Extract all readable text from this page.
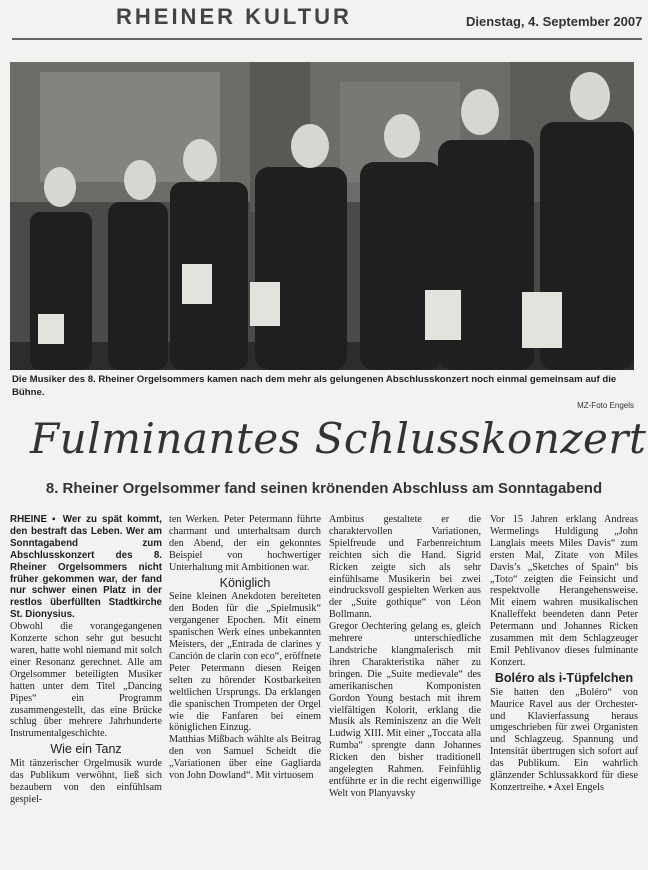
RHEINER KULTUR	Dienstag, 4. September 2007
Die Musiker des 8. Rheiner Orgelsommers kamen nach dem mehr als gelungenen Abschlusskonzert noch einmal gemeinsam auf die Bühne.
MZ-Foto Engels
Fulminantes Schlusskonzert
8. Rheiner Orgelsommer fand seinen krönenden Abschluss am Sonntagabend

RHEINE ▪ Wer zu spät kommt, den bestraft das Leben. Wer am Sonntagabend zum Abschlusskonzert des 8. Rheiner Orgelsommers nicht früher gekommen war, der fand nur schwer einen Platz in der restlos überfüllten Stadtkirche St. Dionysius.

Obwohl die vorangegangenen Konzerte schon sehr gut besucht waren, hatte wohl niemand mit solch einer Resonanz gerechnet. Alle am Orgelsommer beteiligten Musiker hatten unter dem Titel „Dancing Pipes“ ein Programm zusammengestellt, das eine Brücke schlug über mehrere Jahrhunderte Instrumentalgeschichte.

Wie ein Tanz

Mit tänzerischer Orgelmusik wurde das Publikum verwöhnt, ließ sich bezaubern von den einfühlsam gespiel-

ten Werken. Peter Petermann führte charmant und unterhaltsam durch den Abend, der ein gekonntes Beispiel von hochwertiger Unterhaltung mit Ambitionen war.

Königlich

Seine kleinen Anekdoten bereiteten den Boden für die „Spielmusik“ vergangener Epochen. Mit einem spanischen Werk eines unbekannten Meisters, der „Entrada de clarines y Canción de clarin con eco“, eröffnete Peter Petermann diesen Reigen selten zu hörender Kostbarkeiten weltlichen Ursprungs. Da erklangen die spanischen Trompeten der Orgel wie die Fanfaren bei einem königlichen Einzug.

Matthias Mißbach wählte als Beitrag den von Samuel Scheidt die „Variationen über eine Gagliarda von John Dowland“. Mit virtuosem

Ambitus gestaltete er die charaktervollen Variationen, Spielfreude und Farbenreichtum reichten sich die Hand. Sigrid Ricken zeigte sich als sehr einfühlsame Musikerin bei zwei eindrucksvoll gespielten Werken aus der „Suite gothique“ von Léon Bollmann.

Gregor Oechtering gelang es, gleich mehrere unterschiedliche Landstriche klangmalerisch mit ihren Charakteristika näher zu bringen. Die „Suite medievale“ des amerikanischen Komponisten Gordon Young bestach mit ihrem vielfältigen Kolorit, erklang die Musik als Reminiszenz an die Welt Ludwig XIII. Mit einer „Toccata alla Rumba“ sprengte dann Johannes Ricken den bisher traditionell angelegten Rahmen. Feinfühlig entführte er in die recht eigenwillige Welt von Planyavsky

Vor 15 Jahren erklang Andreas Wermelings Huldigung „John Langlais meets Miles Davis“ zum ersten Mal, Zitate von Miles Davis’s „Sketches of Spain“ bis „Toto“ zeigten die Feinsicht und respektvolle Herangehensweise. Mit einem wahren musikalischen Knalleffekt beendeten dann Peter Petermann und Johannes Ricken zusammen mit dem Schlagzeuger Emil Pehlivanov dieses fulminante Konzert.

Boléro als i-Tüpfelchen

Sie hatten den „Boléro“ von Maurice Ravel aus der Orchester- und Klavierfassung heraus umgeschrieben für zwei Organisten und Schlagzeug. Spannung und Intensität übertrugen sich sofort auf das Publikum. Ein wahrlich glänzender Schlussakkord für diese Konzertreihe. ▪ Axel Engels
